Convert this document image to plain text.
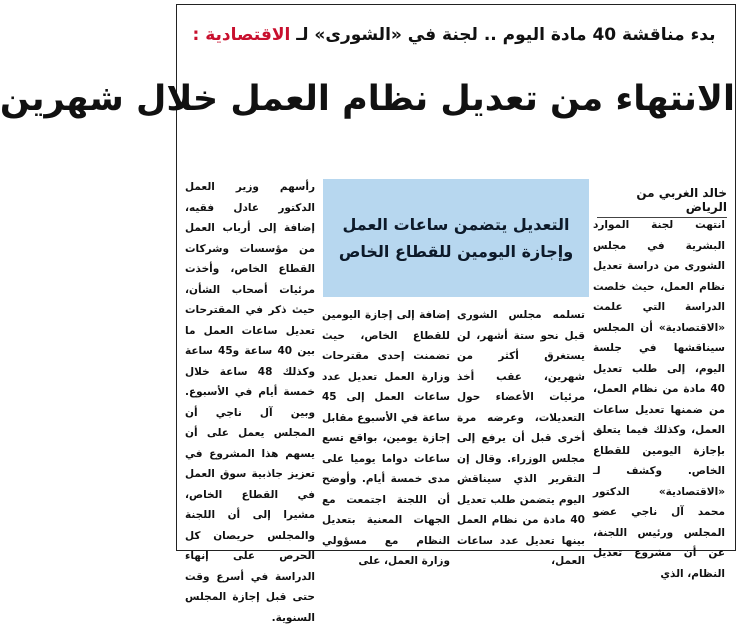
بدء مناقشة 40 مادة اليوم .. لجنة في «الشورى» لـ الاقتصادية :
الانتهاء من تعديل نظام العمل خلال شهرين
خالد الغربي من الرياض
التعديل يتضمن ساعات العمل
وإجازة اليومين للقطاع الخاص

انتهت لجنة الموارد البشرية في مجلس الشورى من دراسة تعديل نظام العمل، حيث خلصت الدراسة التي علمت «الاقتصادية» أن المجلس سيناقشها في جلسة اليوم، إلى طلب تعديل 40 مادة من نظام العمل، من ضمنها تعديل ساعات العمل، وكذلك فيما يتعلق بإجازة اليومين للقطاع الخاص. وكشف لـ «الاقتصادية» الدكتور محمد آل ناجي عضو المجلس ورئيس اللجنة، عن أن مشروع تعديل النظام، الذي

تسلمه مجلس الشورى قبل نحو ستة أشهر، لن يستغرق أكثر من شهرين، عقب أخذ مرئيات الأعضاء حول التعديلات، وعرضه مرة أخرى قبل أن يرفع إلى مجلس الوزراء. وقال إن التقرير الذي سيناقش اليوم يتضمن طلب تعديل 40 مادة من نظام العمل بينها تعديل عدد ساعات العمل،

إضافة إلى إجازة اليومين للقطاع الخاص، حيث تضمنت إحدى مقترحات وزارة العمل تعديل عدد ساعات العمل إلى 45 ساعة في الأسبوع مقابل إجازة يومين، بواقع تسع ساعات دواما يوميا على مدى خمسة أيام. وأوضح أن اللجنة اجتمعت مع الجهات المعنية بتعديل النظام مع مسؤولي وزارة العمل، على

رأسهم وزير العمل الدكتور عادل فقيه، إضافة إلى أرباب العمل من مؤسسات وشركات القطاع الخاص، وأخذت مرئيات أصحاب الشأن، حيث ذكر في المقترحات تعديل ساعات العمل ما بين 40 ساعة و45 ساعة وكذلك 48 ساعة خلال خمسة أيام في الأسبوع. وبين آل ناجي أن المجلس يعمل على أن يسهم هذا المشروع في تعزيز جاذبية سوق العمل في القطاع الخاص، مشيرا إلى أن اللجنة والمجلس حريصان كل الحرص على إنهاء الدراسة في أسرع وقت حتى قبل إجازة المجلس السنوية.
